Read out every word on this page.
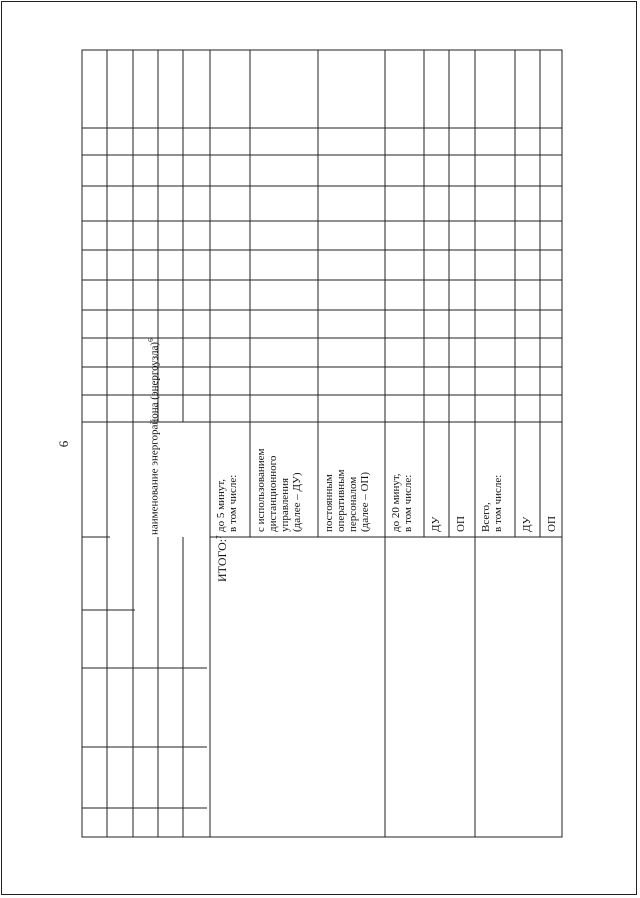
6	наименование энергорайона (энергоузла)$^6$
ИТОГО:$^7$
до 5 минут, в том числе: с использованием дистанционного управления (далее – ДУ) постоянным оперативным персоналом (далее – ОП) до 20 минут, в том числе: ДУ ОП Всего, в том числе: ДУ ОП
